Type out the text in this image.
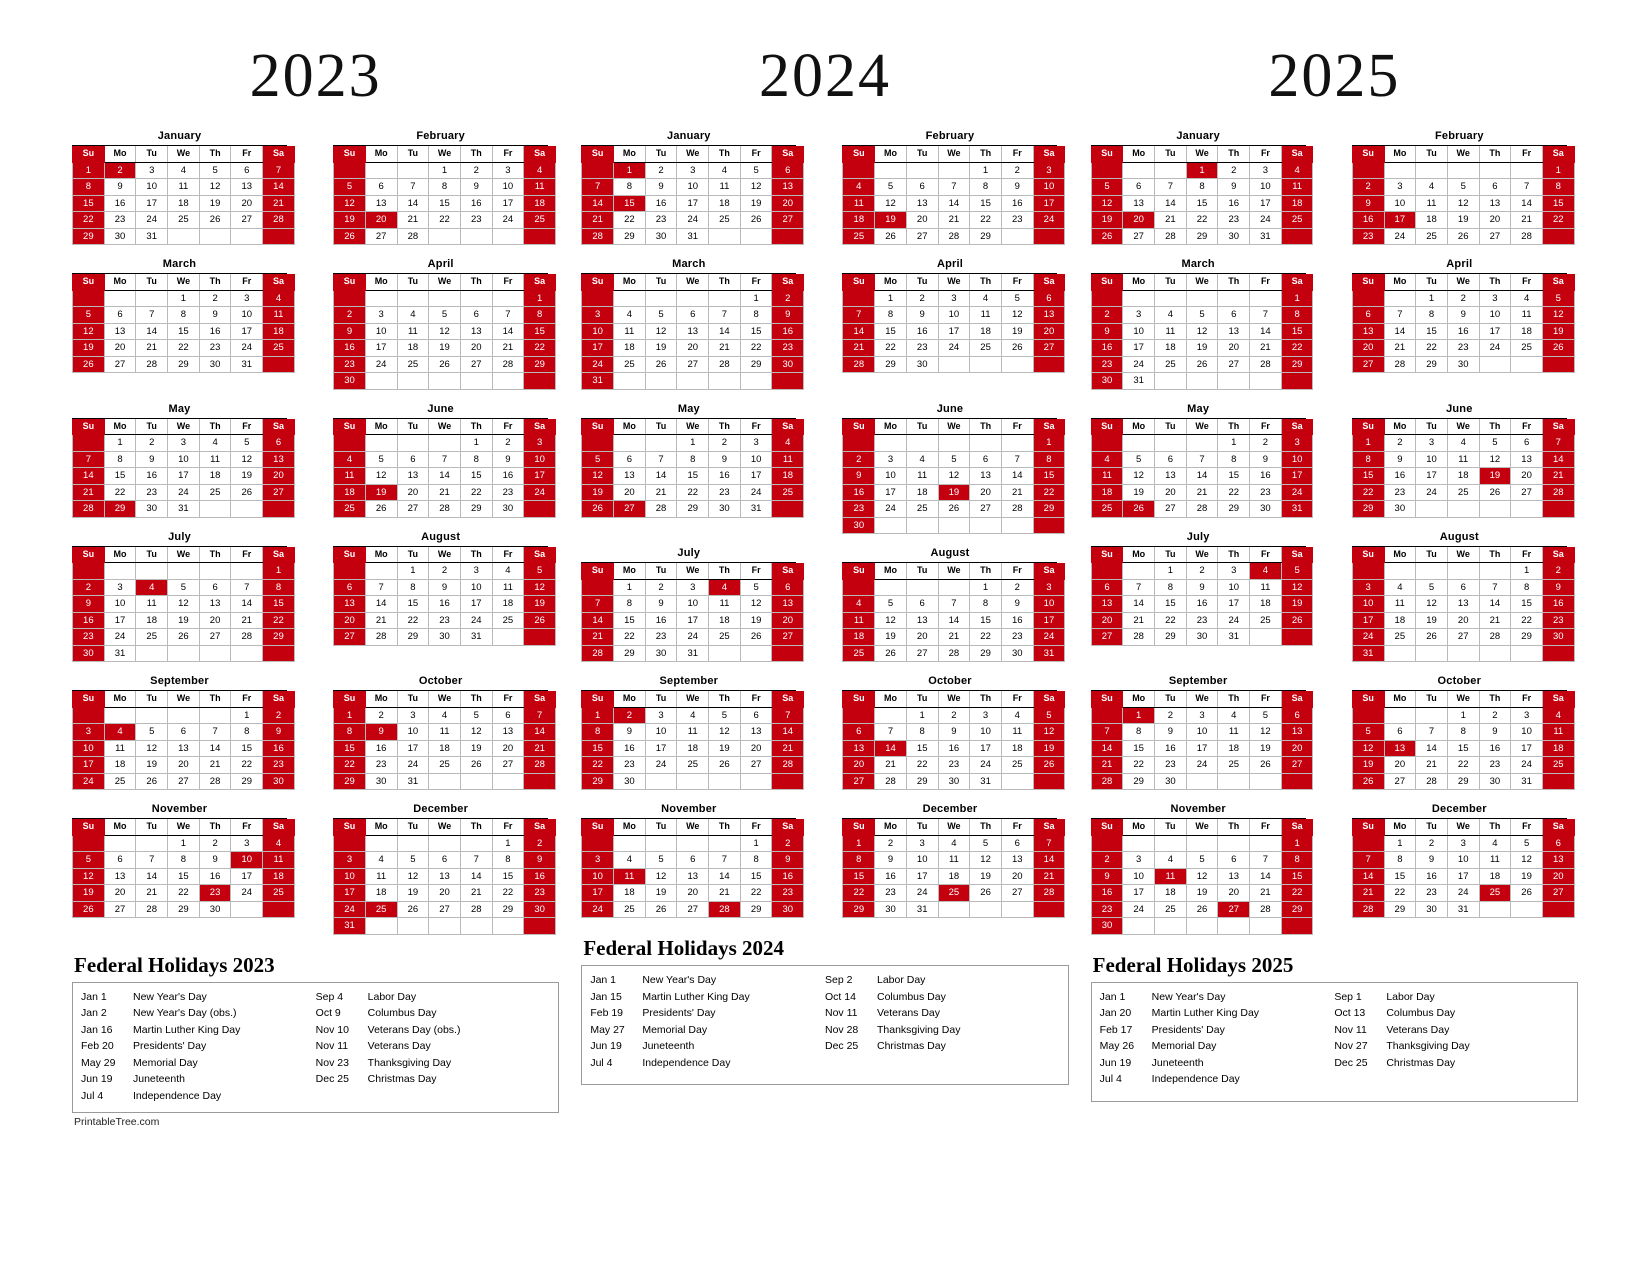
2023
January
Su	Mo	Tu	We	Th	Fr	Sa
1	2	3	4	5	6	7
8	9	10	11	12	13	14
15	16	17	18	19	20	21
22	23	24	25	26	27	28
29	30	31				
February
Su	Mo	Tu	We	Th	Fr	Sa
			1	2	3	4
5	6	7	8	9	10	11
12	13	14	15	16	17	18
19	20	21	22	23	24	25
26	27	28				
March
Su	Mo	Tu	We	Th	Fr	Sa
			1	2	3	4
5	6	7	8	9	10	11
12	13	14	15	16	17	18
19	20	21	22	23	24	25
26	27	28	29	30	31	
April
Su	Mo	Tu	We	Th	Fr	Sa
						1
2	3	4	5	6	7	8
9	10	11	12	13	14	15
16	17	18	19	20	21	22
23	24	25	26	27	28	29
30						
May
Su	Mo	Tu	We	Th	Fr	Sa
	1	2	3	4	5	6
7	8	9	10	11	12	13
14	15	16	17	18	19	20
21	22	23	24	25	26	27
28	29	30	31			
June
Su	Mo	Tu	We	Th	Fr	Sa
				1	2	3
4	5	6	7	8	9	10
11	12	13	14	15	16	17
18	19	20	21	22	23	24
25	26	27	28	29	30	
July
Su	Mo	Tu	We	Th	Fr	Sa
						1
2	3	4	5	6	7	8
9	10	11	12	13	14	15
16	17	18	19	20	21	22
23	24	25	26	27	28	29
30	31					
August
Su	Mo	Tu	We	Th	Fr	Sa
		1	2	3	4	5
6	7	8	9	10	11	12
13	14	15	16	17	18	19
20	21	22	23	24	25	26
27	28	29	30	31		
September
Su	Mo	Tu	We	Th	Fr	Sa
					1	2
3	4	5	6	7	8	9
10	11	12	13	14	15	16
17	18	19	20	21	22	23
24	25	26	27	28	29	30
October
Su	Mo	Tu	We	Th	Fr	Sa
1	2	3	4	5	6	7
8	9	10	11	12	13	14
15	16	17	18	19	20	21
22	23	24	25	26	27	28
29	30	31				
November
Su	Mo	Tu	We	Th	Fr	Sa
			1	2	3	4
5	6	7	8	9	10	11
12	13	14	15	16	17	18
19	20	21	22	23	24	25
26	27	28	29	30		
December
Su	Mo	Tu	We	Th	Fr	Sa
					1	2
3	4	5	6	7	8	9
10	11	12	13	14	15	16
17	18	19	20	21	22	23
24	25	26	27	28	29	30
31						
Federal Holidays 2023
Jan 1	New Year's Day
Jan 2	New Year's Day (obs.)
Jan 16	Martin Luther King Day
Feb 20	Presidents' Day
May 29	Memorial Day
Jun 19	Juneteenth
Jul 4	Independence Day
Sep 4	Labor Day
Oct 9	Columbus Day
Nov 10	Veterans Day (obs.)
Nov 11	Veterans Day
Nov 23	Thanksgiving Day
Dec 25	Christmas Day
PrintableTree.com
2024
January
Su	Mo	Tu	We	Th	Fr	Sa
	1	2	3	4	5	6
7	8	9	10	11	12	13
14	15	16	17	18	19	20
21	22	23	24	25	26	27
28	29	30	31			
February
Su	Mo	Tu	We	Th	Fr	Sa
				1	2	3
4	5	6	7	8	9	10
11	12	13	14	15	16	17
18	19	20	21	22	23	24
25	26	27	28	29		
March
Su	Mo	Tu	We	Th	Fr	Sa
					1	2
3	4	5	6	7	8	9
10	11	12	13	14	15	16
17	18	19	20	21	22	23
24	25	26	27	28	29	30
31						
April
Su	Mo	Tu	We	Th	Fr	Sa
	1	2	3	4	5	6
7	8	9	10	11	12	13
14	15	16	17	18	19	20
21	22	23	24	25	26	27
28	29	30				
May
Su	Mo	Tu	We	Th	Fr	Sa
			1	2	3	4
5	6	7	8	9	10	11
12	13	14	15	16	17	18
19	20	21	22	23	24	25
26	27	28	29	30	31	
June
Su	Mo	Tu	We	Th	Fr	Sa
						1
2	3	4	5	6	7	8
9	10	11	12	13	14	15
16	17	18	19	20	21	22
23	24	25	26	27	28	29
30						
July
Su	Mo	Tu	We	Th	Fr	Sa
	1	2	3	4	5	6
7	8	9	10	11	12	13
14	15	16	17	18	19	20
21	22	23	24	25	26	27
28	29	30	31			
August
Su	Mo	Tu	We	Th	Fr	Sa
				1	2	3
4	5	6	7	8	9	10
11	12	13	14	15	16	17
18	19	20	21	22	23	24
25	26	27	28	29	30	31
September
Su	Mo	Tu	We	Th	Fr	Sa
1	2	3	4	5	6	7
8	9	10	11	12	13	14
15	16	17	18	19	20	21
22	23	24	25	26	27	28
29	30					
October
Su	Mo	Tu	We	Th	Fr	Sa
		1	2	3	4	5
6	7	8	9	10	11	12
13	14	15	16	17	18	19
20	21	22	23	24	25	26
27	28	29	30	31		
November
Su	Mo	Tu	We	Th	Fr	Sa
					1	2
3	4	5	6	7	8	9
10	11	12	13	14	15	16
17	18	19	20	21	22	23
24	25	26	27	28	29	30
December
Su	Mo	Tu	We	Th	Fr	Sa
1	2	3	4	5	6	7
8	9	10	11	12	13	14
15	16	17	18	19	20	21
22	23	24	25	26	27	28
29	30	31				
Federal Holidays 2024
Jan 1	New Year's Day
Jan 15	Martin Luther King Day
Feb 19	Presidents' Day
May 27	Memorial Day
Jun 19	Juneteenth
Jul 4	Independence Day
Sep 2	Labor Day
Oct 14	Columbus Day
Nov 11	Veterans Day
Nov 28	Thanksgiving Day
Dec 25	Christmas Day
2025
January
Su	Mo	Tu	We	Th	Fr	Sa
			1	2	3	4
5	6	7	8	9	10	11
12	13	14	15	16	17	18
19	20	21	22	23	24	25
26	27	28	29	30	31	
February
Su	Mo	Tu	We	Th	Fr	Sa
						1
2	3	4	5	6	7	8
9	10	11	12	13	14	15
16	17	18	19	20	21	22
23	24	25	26	27	28	
March
Su	Mo	Tu	We	Th	Fr	Sa
						1
2	3	4	5	6	7	8
9	10	11	12	13	14	15
16	17	18	19	20	21	22
23	24	25	26	27	28	29
30	31					
April
Su	Mo	Tu	We	Th	Fr	Sa
		1	2	3	4	5
6	7	8	9	10	11	12
13	14	15	16	17	18	19
20	21	22	23	24	25	26
27	28	29	30			
May
Su	Mo	Tu	We	Th	Fr	Sa
				1	2	3
4	5	6	7	8	9	10
11	12	13	14	15	16	17
18	19	20	21	22	23	24
25	26	27	28	29	30	31
June
Su	Mo	Tu	We	Th	Fr	Sa
1	2	3	4	5	6	7
8	9	10	11	12	13	14
15	16	17	18	19	20	21
22	23	24	25	26	27	28
29	30					
July
Su	Mo	Tu	We	Th	Fr	Sa
		1	2	3	4	5
6	7	8	9	10	11	12
13	14	15	16	17	18	19
20	21	22	23	24	25	26
27	28	29	30	31		
August
Su	Mo	Tu	We	Th	Fr	Sa
					1	2
3	4	5	6	7	8	9
10	11	12	13	14	15	16
17	18	19	20	21	22	23
24	25	26	27	28	29	30
31						
September
Su	Mo	Tu	We	Th	Fr	Sa
	1	2	3	4	5	6
7	8	9	10	11	12	13
14	15	16	17	18	19	20
21	22	23	24	25	26	27
28	29	30				
October
Su	Mo	Tu	We	Th	Fr	Sa
			1	2	3	4
5	6	7	8	9	10	11
12	13	14	15	16	17	18
19	20	21	22	23	24	25
26	27	28	29	30	31	
November
Su	Mo	Tu	We	Th	Fr	Sa
						1
2	3	4	5	6	7	8
9	10	11	12	13	14	15
16	17	18	19	20	21	22
23	24	25	26	27	28	29
30						
December
Su	Mo	Tu	We	Th	Fr	Sa
	1	2	3	4	5	6
7	8	9	10	11	12	13
14	15	16	17	18	19	20
21	22	23	24	25	26	27
28	29	30	31			
Federal Holidays 2025
Jan 1	New Year's Day
Jan 20	Martin Luther King Day
Feb 17	Presidents' Day
May 26	Memorial Day
Jun 19	Juneteenth
Jul 4	Independence Day
Sep 1	Labor Day
Oct 13	Columbus Day
Nov 11	Veterans Day
Nov 27	Thanksgiving Day
Dec 25	Christmas Day
